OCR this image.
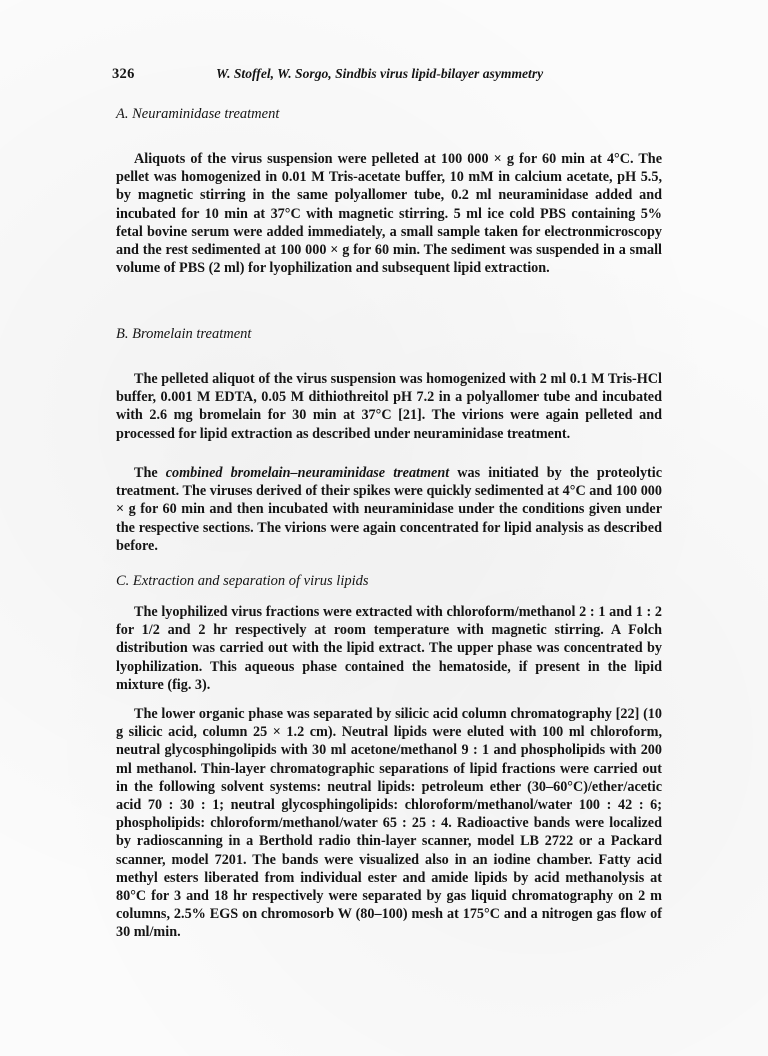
326	W. Stoffel, W. Sorgo, Sindbis virus lipid-bilayer asymmetry
A. Neuraminidase treatment

Aliquots of the virus suspension were pelleted at 100 000 × g for 60 min at 4°C. The pellet was homogenized in 0.01 M Tris-acetate buffer, 10 mM in calcium acetate, pH 5.5, by magnetic stirring in the same polyallomer tube, 0.2 ml neuraminidase added and incubated for 10 min at 37°C with magnetic stirring. 5 ml ice cold PBS containing 5% fetal bovine serum were added immediately, a small sample taken for electronmicroscopy and the rest sedimented at 100 000 × g for 60 min. The sediment was suspended in a small volume of PBS (2 ml) for lyophilization and subsequent lipid extraction.

B. Bromelain treatment

The pelleted aliquot of the virus suspension was homogenized with 2 ml 0.1 M Tris-HCl buffer, 0.001 M EDTA, 0.05 M dithiothreitol pH 7.2 in a polyallomer tube and incubated with 2.6 mg bromelain for 30 min at 37°C [21]. The virions were again pelleted and processed for lipid extraction as described under neuraminidase treatment.

The combined bromelain–neuraminidase treatment was initiated by the proteolytic treatment. The viruses derived of their spikes were quickly sedimented at 4°C and 100 000 × g for 60 min and then incubated with neuraminidase under the conditions given under the respective sections. The virions were again concentrated for lipid analysis as described before.

C. Extraction and separation of virus lipids

The lyophilized virus fractions were extracted with chloroform/methanol 2 : 1 and 1 : 2 for 1/2 and 2 hr respectively at room temperature with magnetic stirring. A Folch distribution was carried out with the lipid extract. The upper phase was concentrated by lyophilization. This aqueous phase contained the hematoside, if present in the lipid mixture (fig. 3).

The lower organic phase was separated by silicic acid column chromatography [22] (10 g silicic acid, column 25 × 1.2 cm). Neutral lipids were eluted with 100 ml chloroform, neutral glycosphingolipids with 30 ml acetone/methanol 9 : 1 and phospholipids with 200 ml methanol. Thin-layer chromatographic separations of lipid fractions were carried out in the following solvent systems: neutral lipids: petroleum ether (30–60°C)/ether/acetic acid 70 : 30 : 1; neutral glycosphingolipids: chloroform/methanol/water 100 : 42 : 6; phospholipids: chloroform/methanol/water 65 : 25 : 4. Radioactive bands were localized by radioscanning in a Berthold radio thin-layer scanner, model LB 2722 or a Packard scanner, model 7201. The bands were visualized also in an iodine chamber. Fatty acid methyl esters liberated from individual ester and amide lipids by acid methanolysis at 80°C for 3 and 18 hr respectively were separated by gas liquid chromatography on 2 m columns, 2.5% EGS on chromosorb W (80–100) mesh at 175°C and a nitrogen gas flow of 30 ml/min.
